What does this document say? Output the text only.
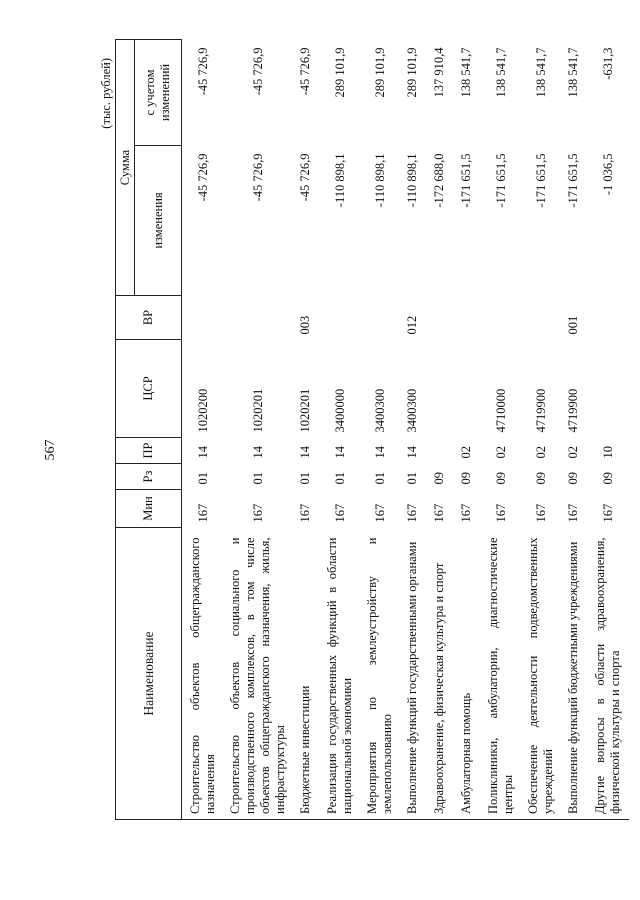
567
(тыс. рублей)
Наименование	Мин	Рз	ПР	ЦСР	ВР	Сумма	
						изменения	с учетом изменений

Строительство объектов общегражданского назначения	167	01	14	1020200		-45 726,9	-45 726,9

Строительство объектов социального и производственного комплексов, в том числе объектов общегражданского назначения, жилья, инфраструктуры	167	01	14	1020201		-45 726,9	-45 726,9

Бюджетные инвестиции	167	01	14	1020201	003	-45 726,9	-45 726,9

Реализация государственных функций в области национальной экономики	167	01	14	3400000		-110 898,1	289 101,9

Мероприятия по землеустройству и землепользованию	167	01	14	3400300		-110 898,1	289 101,9

Выполнение функций государственными органами	167	01	14	3400300	012	-110 898,1	289 101,9

Здравоохранение, физическая культура и спорт	167	09				-172 688,0	137 910,4

Амбулаторная помощь	167	09	02			-171 651,5	138 541,7

Поликлиники, амбулатории, диагностические центры	167	09	02	4710000		-171 651,5	138 541,7

Обеспечение деятельности подведомственных учреждений	167	09	02	4719900		-171 651,5	138 541,7

Выполнение функций бюджетными учреждениями	167	09	02	4719900	001	-171 651,5	138 541,7

Другие вопросы в области здравоохранения, физической культуры и спорта	167	09	10			-1 036,5	-631,3
